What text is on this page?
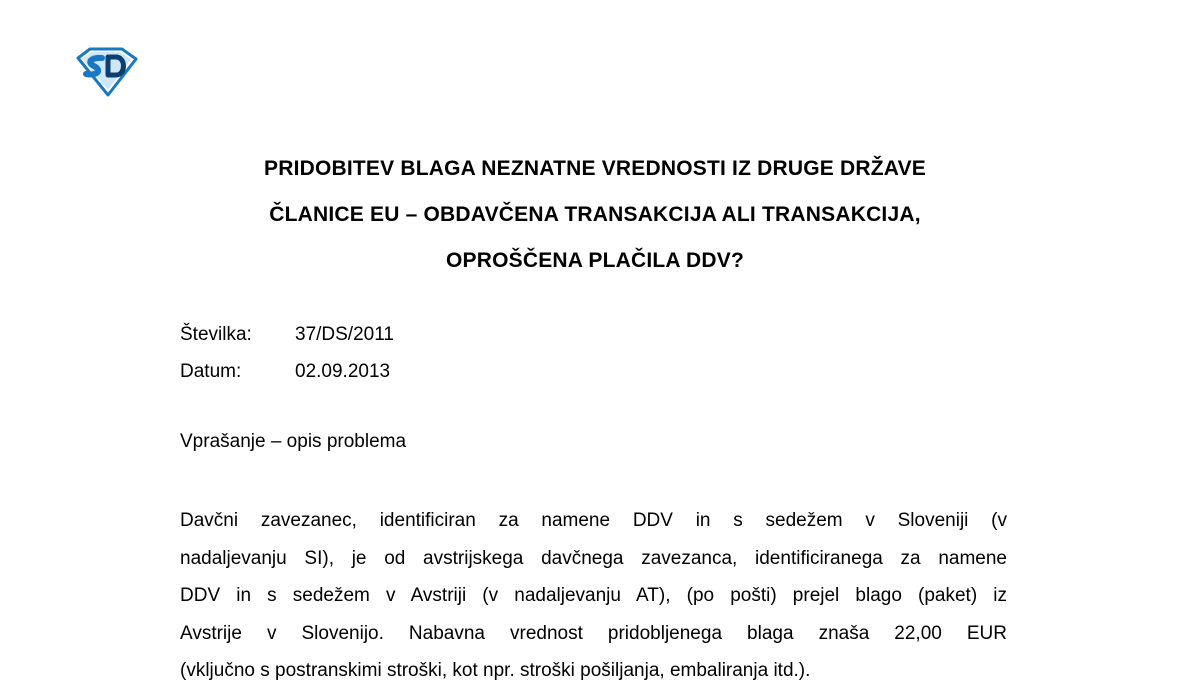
PRIDOBITEV BLAGA NEZNATNE VREDNOSTI IZ DRUGE DRŽAVE
ČLANICE EU – OBDAVČENA TRANSAKCIJA ALI TRANSAKCIJA,
OPROŠČENA PLAČILA DDV?
Številka:	37/DS/2011
Datum:	02.09.2013
Vprašanje – opis problema
Davčni zavezanec, identificiran za namene DDV in s sedežem v Sloveniji (v
nadaljevanju SI), je od avstrijskega davčnega zavezanca, identificiranega za namene
DDV in s sedežem v Avstriji (v nadaljevanju AT), (po pošti) prejel blago (paket) iz
Avstrije v Slovenijo. Nabavna vrednost pridobljenega blaga znaša 22,00 EUR
(vključno s postranskimi stroški, kot npr. stroški pošiljanja, embaliranja itd.).
